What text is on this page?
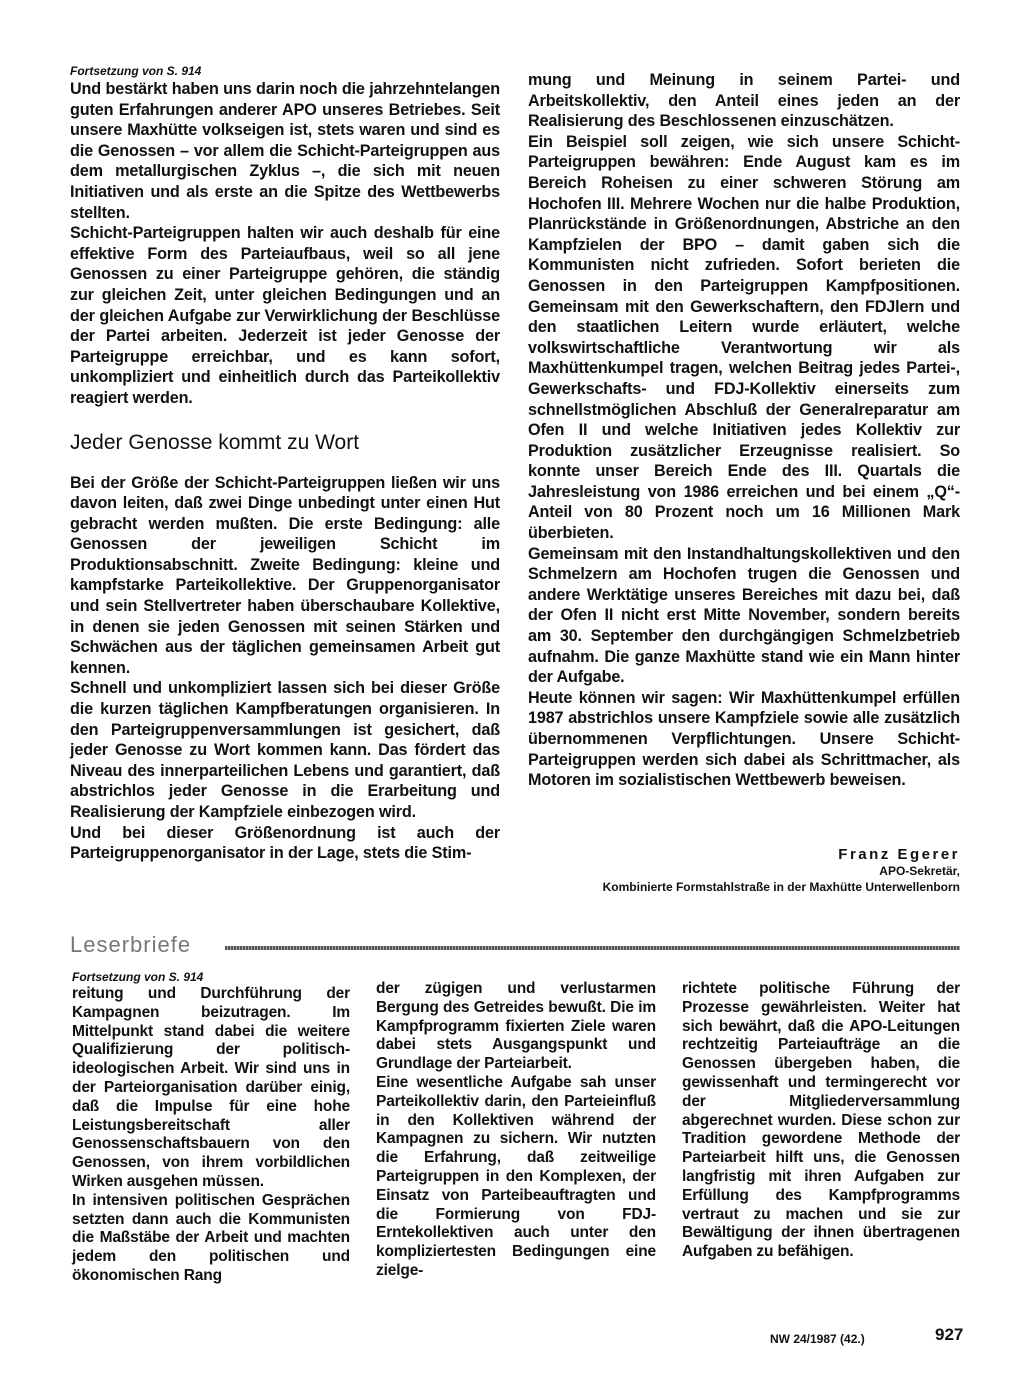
Fortsetzung von S. 914

Und bestärkt haben uns darin noch die jahrzehntelangen guten Erfahrungen anderer APO unseres Betriebes. Seit unsere Maxhütte volkseigen ist, stets waren und sind es die Genossen – vor allem die Schicht-Parteigruppen aus dem metallurgischen Zyklus –, die sich mit neuen Initiativen und als erste an die Spitze des Wettbewerbs stellten.

Schicht-Parteigruppen halten wir auch deshalb für eine effektive Form des Parteiaufbaus, weil so all jene Genossen zu einer Parteigruppe gehören, die ständig zur gleichen Zeit, unter gleichen Bedingungen und an der gleichen Aufgabe zur Verwirklichung der Beschlüsse der Partei arbeiten. Jederzeit ist jeder Genosse der Parteigruppe erreichbar, und es kann sofort, unkompliziert und einheitlich durch das Parteikollektiv reagiert werden.

Jeder Genosse kommt zu Wort

Bei der Größe der Schicht-Parteigruppen ließen wir uns davon leiten, daß zwei Dinge unbedingt unter einen Hut gebracht werden mußten. Die erste Bedingung: alle Genossen der jeweiligen Schicht im Produktionsabschnitt. Zweite Bedingung: kleine und kampfstarke Parteikollektive. Der Gruppenorganisator und sein Stellvertreter haben überschaubare Kollektive, in denen sie jeden Genossen mit seinen Stärken und Schwächen aus der täglichen gemeinsamen Arbeit gut kennen.

Schnell und unkompliziert lassen sich bei dieser Größe die kurzen täglichen Kampfberatungen organisieren. In den Parteigruppenversammlungen ist gesichert, daß jeder Genosse zu Wort kommen kann. Das fördert das Niveau des innerparteilichen Lebens und garantiert, daß abstrichlos jeder Genosse in die Erarbeitung und Realisierung der Kampfziele einbezogen wird.

Und bei dieser Größenordnung ist auch der Parteigruppenorganisator in der Lage, stets die Stim-

mung und Meinung in seinem Partei- und Arbeitskollektiv, den Anteil eines jeden an der Realisierung des Beschlossenen einzuschätzen.

Ein Beispiel soll zeigen, wie sich unsere Schicht-Parteigruppen bewähren: Ende August kam es im Bereich Roheisen zu einer schweren Störung am Hochofen III. Mehrere Wochen nur die halbe Produktion, Planrückstände in Größenordnungen, Abstriche an den Kampfzielen der BPO – damit gaben sich die Kommunisten nicht zufrieden. Sofort berieten die Genossen in den Parteigruppen Kampfpositionen. Gemeinsam mit den Gewerkschaftern, den FDJlern und den staatlichen Leitern wurde erläutert, welche volkswirtschaftliche Verantwortung wir als Maxhüttenkumpel tragen, welchen Beitrag jedes Partei-, Gewerkschafts- und FDJ-Kollektiv einerseits zum schnellstmöglichen Abschluß der Generalreparatur am Ofen II und welche Initiativen jedes Kollektiv zur Produktion zusätzlicher Erzeugnisse realisiert. So konnte unser Bereich Ende des III. Quartals die Jahresleistung von 1986 erreichen und bei einem „Q“-Anteil von 80 Prozent noch um 16 Millionen Mark überbieten.

Gemeinsam mit den Instandhaltungskollektiven und den Schmelzern am Hochofen trugen die Genossen und andere Werktätige unseres Bereiches mit dazu bei, daß der Ofen II nicht erst Mitte November, sondern bereits am 30. September den durchgängigen Schmelzbetrieb aufnahm. Die ganze Maxhütte stand wie ein Mann hinter der Aufgabe.

Heute können wir sagen: Wir Maxhüttenkumpel erfüllen 1987 abstrichlos unsere Kampfziele sowie alle zusätzlich übernommenen Verpflichtungen. Unsere Schicht-Parteigruppen werden sich dabei als Schrittmacher, als Motoren im sozialistischen Wettbewerb beweisen.

Franz Egerer
APO-Sekretär,
Kombinierte Formstahlstraße in der Maxhütte Unterwellenborn
Leserbriefe

Fortsetzung von S. 914

reitung und Durchführung der Kampagnen beizutragen. Im Mittelpunkt stand dabei die weitere Qualifizierung der politisch-ideologischen Arbeit. Wir sind uns in der Parteiorganisation darüber einig, daß die Impulse für eine hohe Leistungsbereitschaft aller Genossenschaftsbauern von den Genossen, von ihrem vorbildlichen Wirken ausgehen müssen.

In intensiven politischen Gesprächen setzten dann auch die Kommunisten die Maßstäbe der Arbeit und machten jedem den politischen und ökonomischen Rang

der zügigen und verlustarmen Bergung des Getreides bewußt. Die im Kampfprogramm fixierten Ziele waren dabei stets Ausgangspunkt und Grundlage der Parteiarbeit.

Eine wesentliche Aufgabe sah unser Parteikollektiv darin, den Parteieinfluß in den Kollektiven während der Kampagnen zu sichern. Wir nutzten die Erfahrung, daß zeitweilige Parteigruppen in den Komplexen, der Einsatz von Parteibeauftragten und die Formierung von FDJ-Erntekollektiven auch unter den kompliziertesten Bedingungen eine zielge-

richtete politische Führung der Prozesse gewährleisten. Weiter hat sich bewährt, daß die APO-Leitungen rechtzeitig Parteiaufträge an die Genossen übergeben haben, die gewissenhaft und termingerecht vor der Mitgliederversammlung abgerechnet wurden. Diese schon zur Tradition gewordene Methode der Parteiarbeit hilft uns, die Genossen langfristig mit ihren Aufgaben zur Erfüllung des Kampfprogramms vertraut zu machen und sie zur Bewältigung der ihnen übertragenen Aufgaben zu befähigen.

NW 24/1987 (42.)	927
